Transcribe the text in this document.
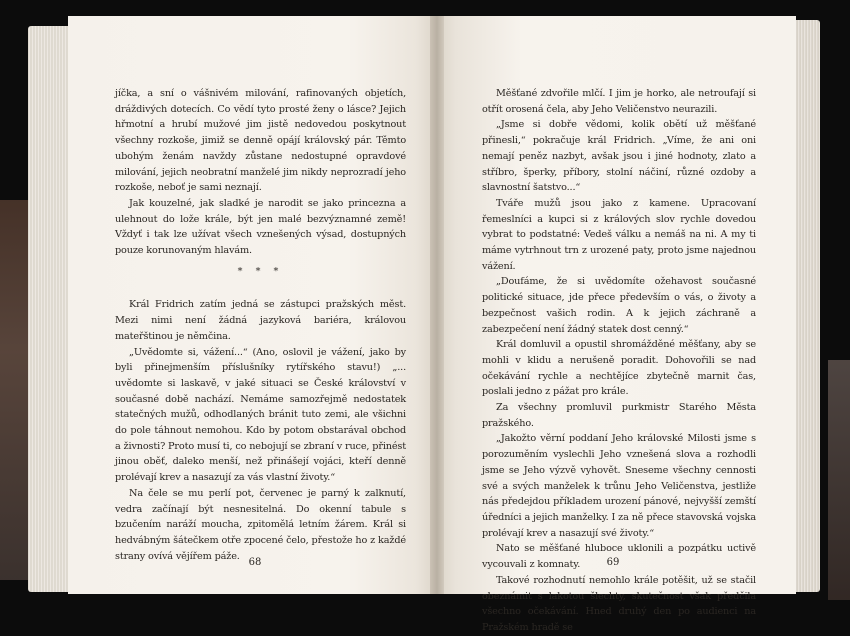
jíčka, a sní o vášnivém milování, rafinovaných objetích, dráždivých dotecích. Co vědí tyto prosté ženy o lásce? Jejich hřmotní a hrubí mužové jim jistě nedovedou poskytnout všechny rozkoše, jimiž se denně opájí královský pár. Těmto ubohým ženám navždy zůstane nedostupné opravdové milování, jejich neobratní manželé jim nikdy neprozradí jeho rozkoše, neboť je sami neznají.

Jak kouzelné, jak sladké je narodit se jako princezna a ulehnout do lože krále, být jen malé bezvýznamné země! Vždyť i tak lze užívat všech vznešených výsad, dostupných pouze korunovaným hlavám.

* * *

Král Fridrich zatím jedná se zástupci pražských měst. Mezi nimi není žádná jazyková bariéra, královou mateřštinou je němčina.

„Uvědomte si, vážení...“ (Ano, oslovil je vážení, jako by byli přinejmenším příslušníky rytířského stavu!) „... uvědomte si laskavě, v jaké situaci se České království v současné době nachází. Nemáme samozřejmě nedostatek statečných mužů, odhodlaných bránit tuto zemi, ale všichni do pole táhnout nemohou. Kdo by potom obstarával obchod a živnosti? Proto musí ti, co nebojují se zbraní v ruce, přinést jinou oběť, daleko menší, než přinášejí vojáci, kteří denně prolévají krev a nasazují za vás vlastní životy.“

Na čele se mu perlí pot, červenec je parný k zalknutí, vedra začínají být nesnesitelná. Do okenní tabule s bzučením naráží moucha, zpitomělá letním žárem. Král si hedvábným šátečkem otře zpocené čelo, přestože ho z každé strany ovívá vějířem páže.

68

Měšťané zdvořile mlčí. I jim je horko, ale netroufají si otřít orosená čela, aby Jeho Veličenstvo neurazili.

„Jsme si dobře vědomi, kolik obětí už měšťané přinesli,“ pokračuje král Fridrich. „Víme, že ani oni nemají peněz nazbyt, avšak jsou i jiné hodnoty, zlato a stříbro, šperky, příbory, stolní náčiní, různé ozdoby a slavnostní šatstvo...“

Tváře mužů jsou jako z kamene. Upracovaní řemeslníci a kupci si z králových slov rychle dovedou vybrat to podstatné: Vedeš válku a nemáš na ni. A my ti máme vytrhnout trn z urozené paty, proto jsme najednou vážení.

„Doufáme, že si uvědomíte ožehavost současné politické situace, jde přece především o vás, o životy a bezpečnost vašich rodin. A k jejich záchraně a zabezpečení není žádný statek dost cenný.“

Král domluvil a opustil shromážděné měšťany, aby se mohli v klidu a nerušeně poradit. Dohovořili se nad očekávání rychle a nechtějíce zbytečně marnit čas, poslali jedno z pážat pro krále.

Za všechny promluvil purkmistr Starého Města pražského.

„Jakožto věrní poddaní Jeho královské Milosti jsme s porozuměním vyslechli Jeho vznešená slova a rozhodli jsme se Jeho výzvě vyhovět. Sneseme všechny cennosti své a svých manželek k trůnu Jeho Veličenstva, jestliže nás předejdou příkladem urození pánové, nejvyšší zemští úředníci a jejich manželky. I za ně přece stavovská vojska prolévají krev a nasazují své životy.“

Nato se měšťané hluboce uklonili a pozpátku uctivě vycouvali z komnaty.

Takové rozhodnutí nemohlo krále potěšit, už se stačil obeznámit s lakotou šlechty, skutečnost však předčila všechno očekávání. Hned druhý den po audienci na Pražském hradě se

69
